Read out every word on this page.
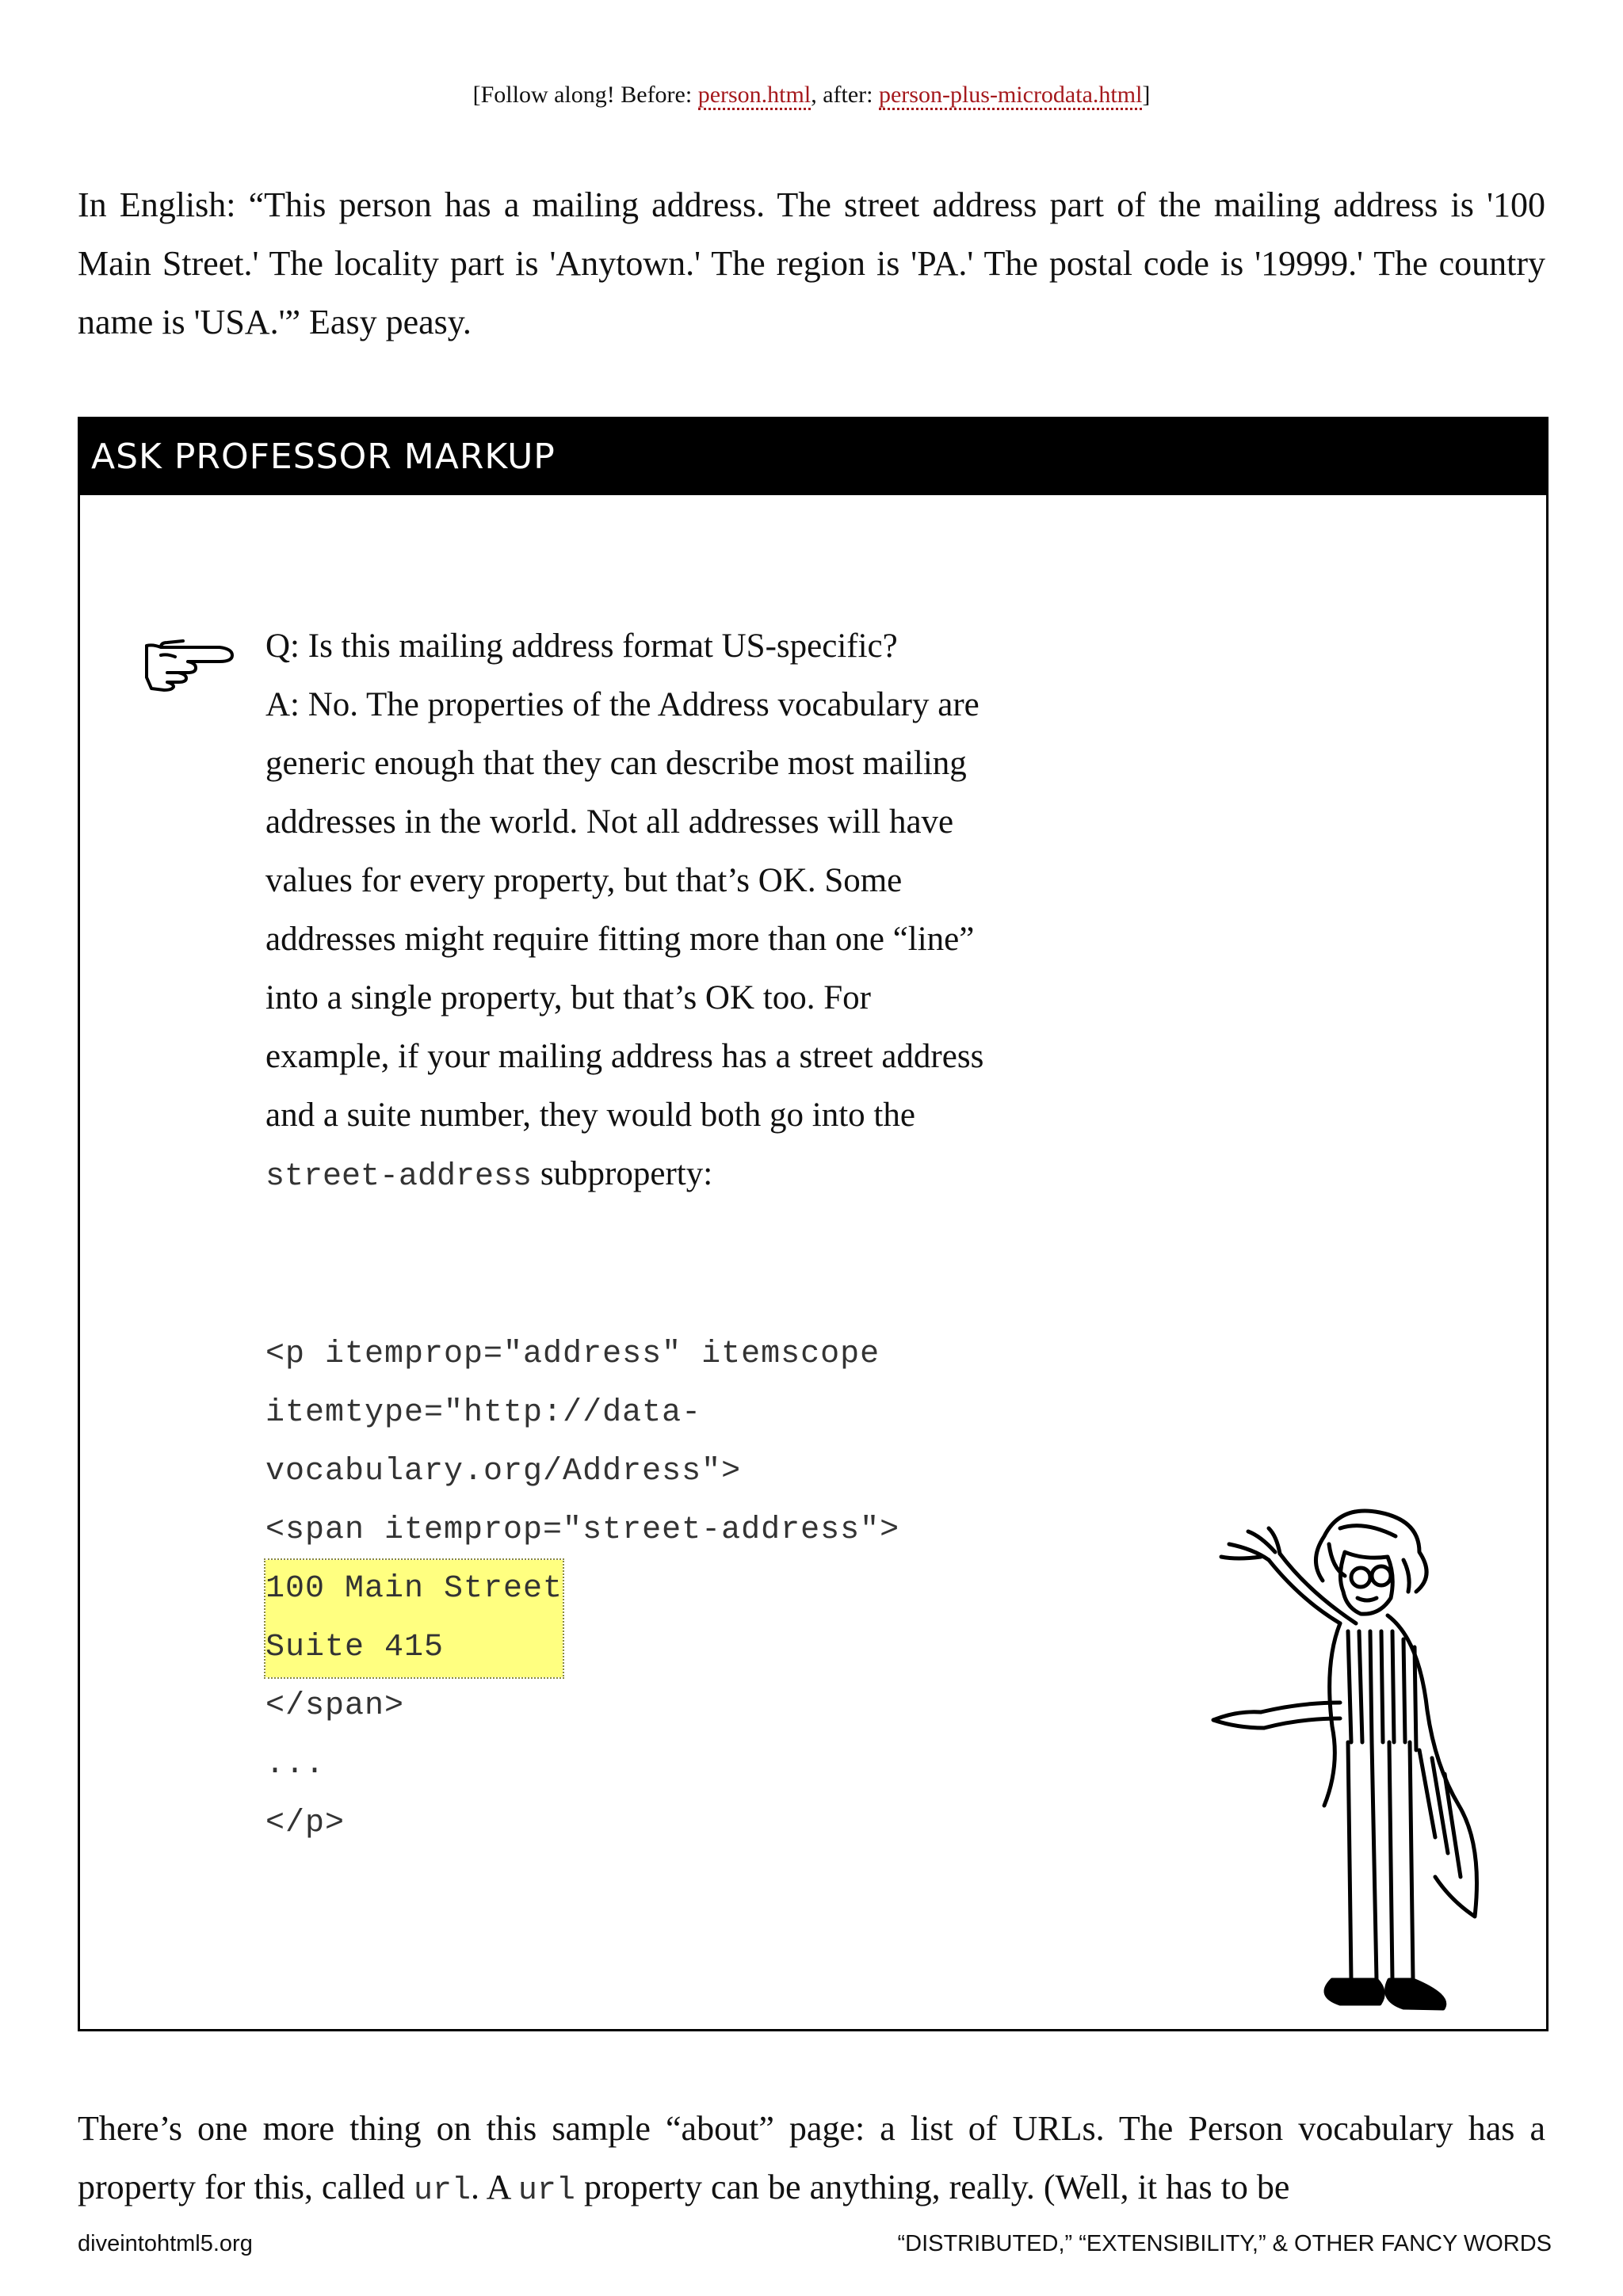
[Follow along! Before: person.html, after: person-plus-microdata.html]
In English: “This person has a mailing address. The street address part of the mailing address is '100 Main Street.' The locality part is 'Anytown.' The region is 'PA.' The postal code is '19999.' The country name is 'USA.'” Easy peasy.
ASK PROFESSOR MARKUP

Q: Is this mailing address format US-specific?

A: No. The properties of the Address vocabulary are generic enough that they can describe most mailing addresses in the world. Not all addresses will have values for every property, but that’s OK. Some addresses might require fitting more than one “line” into a single property, but that’s OK too. For example, if your mailing address has a street address and a suite number, they would both go into the street-address subproperty:

<p itemprop="address" itemscope
itemtype="http://data-
vocabulary.org/Address">
<span itemprop="street-address">
100 Main Street
Suite 415
</span>
...
</p>
There’s one more thing on this sample “about” page: a list of URLs. The Person vocabulary has a property for this, called url. A url property can be anything, really. (Well, it has to be
diveintohtml5.org	“DISTRIBUTED,” “EXTENSIBILITY,” & OTHER FANCY WORDS
